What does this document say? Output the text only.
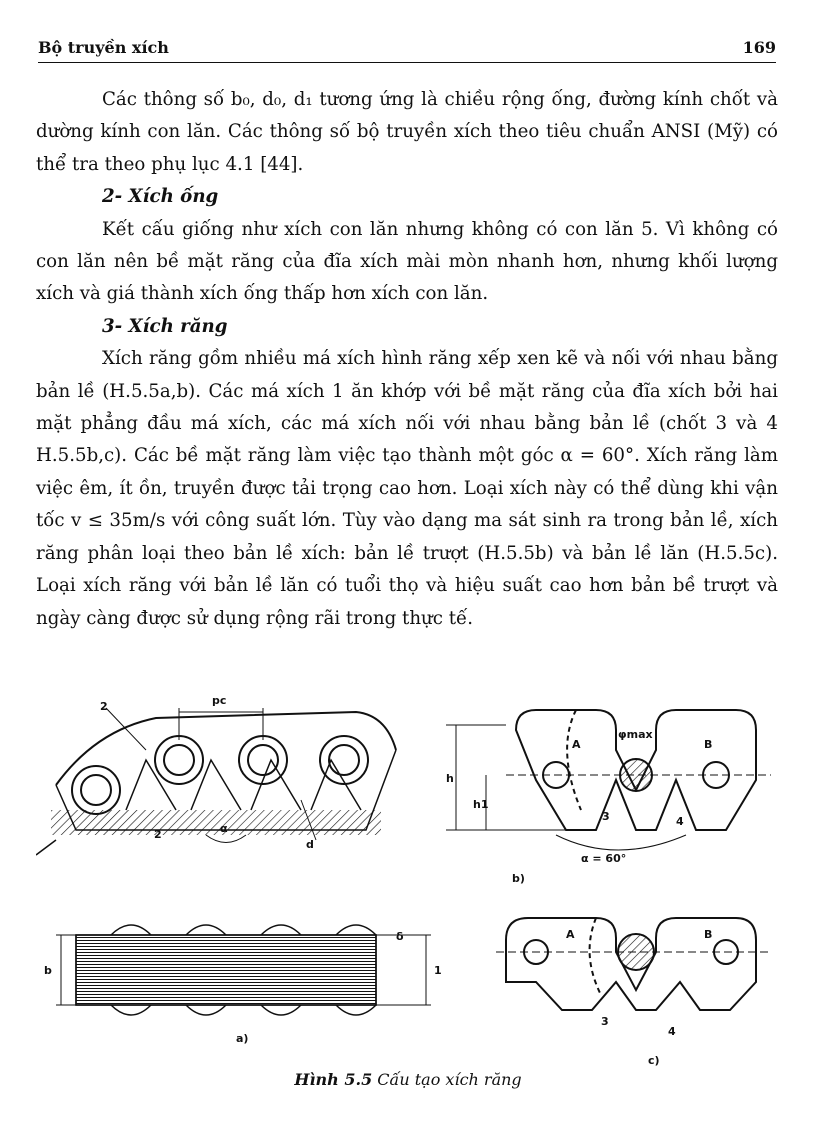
Bộ truyền xích	169

Các thông số b₀, d₀, d₁ tương ứng là chiều rộng ống, đường kính chốt và dường kính con lăn. Các thông số bộ truyền xích theo tiêu chuẩn ANSI (Mỹ) có thể tra theo phụ lục 4.1 [44].

2- Xích ống

Kết cấu giống như xích con lăn nhưng không có con lăn 5. Vì không có con lăn nên bề mặt răng của đĩa xích mài mòn nhanh hơn, nhưng khối lượng xích và giá thành xích ống thấp hơn xích con lăn.

3- Xích răng

Xích răng gồm nhiều má xích hình răng xếp xen kẽ và nối với nhau bằng bản lề (H.5.5a,b). Các má xích 1 ăn khớp với bề mặt răng của đĩa xích bởi hai mặt phẳng đầu má xích, các má xích nối với nhau bằng bản lề (chốt 3 và 4 H.5.5b,c). Các bề mặt răng làm việc tạo thành một góc α = 60°. Xích răng làm việc êm, ít ồn, truyền được tải trọng cao hơn. Loại xích này có thể dùng khi vận tốc v ≤ 35m/s với công suất lớn. Tùy vào dạng ma sát sinh ra trong bản lề, xích răng phân loại theo bản lề xích: bản lề trượt (H.5.5b) và bản lề lăn (H.5.5c). Loại xích răng với bản lề lăn có tuổi thọ và hiệu suất cao hơn bản bề trượt và ngày càng được sử dụng rộng rãi trong thực tế.

pc
2
2	α
d
A	B
h
h1
φmax
3	4
α = 60°
b)
b
δ
1
a)
A	B
3
4
c)
Hình 5.5 Cấu tạo xích răng
